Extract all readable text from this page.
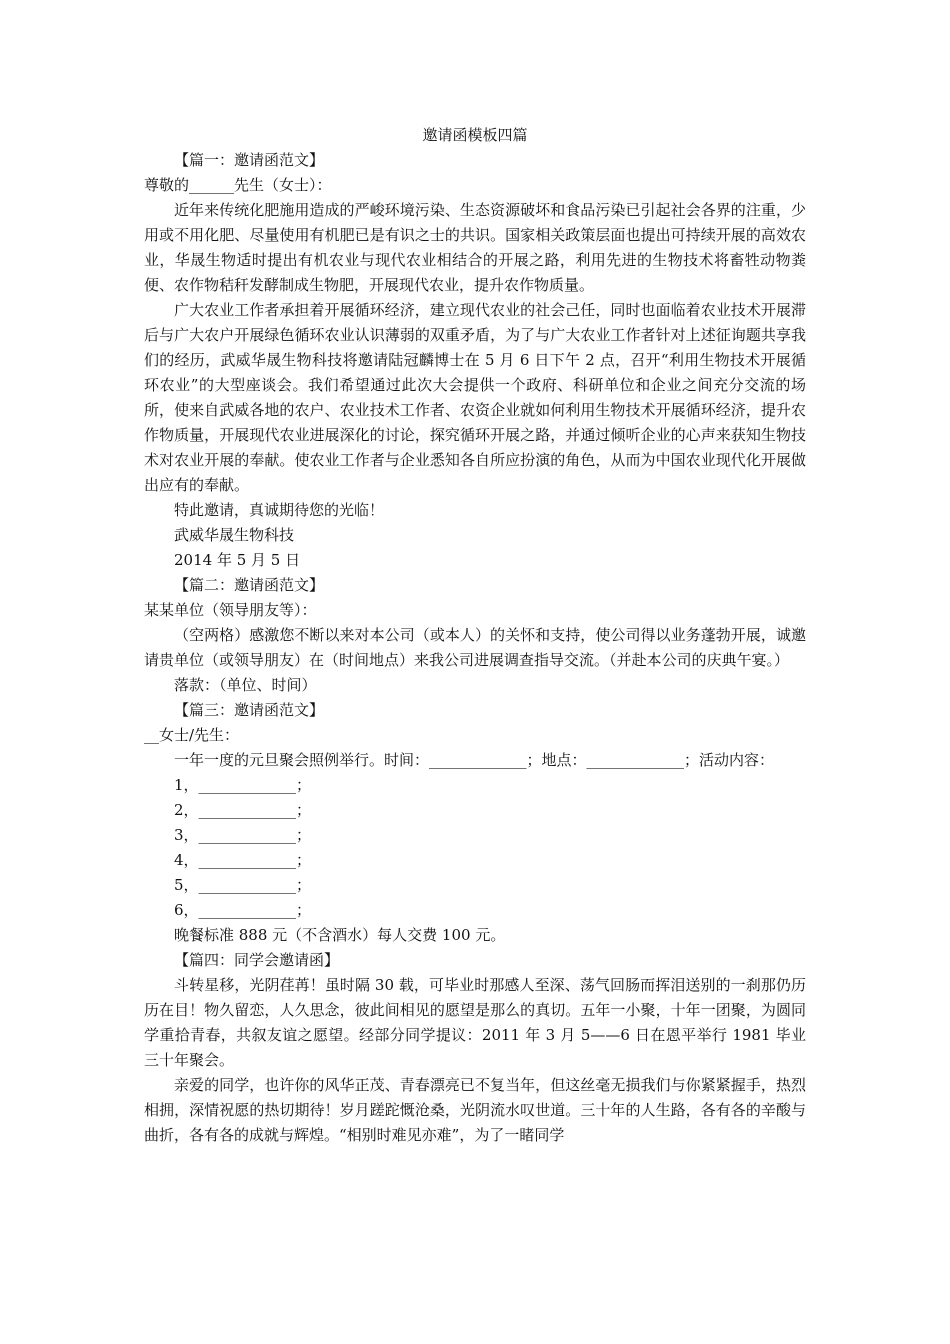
邀请函模板四篇

【篇一：邀请函范文】

尊敬的______先生（女士）：

近年来传统化肥施用造成的严峻环境污染、生态资源破坏和食品污染已引起社会各界的注重，少用或不用化肥、尽量使用有机肥已是有识之士的共识。国家相关政策层面也提出可持续开展的高效农业，华晟生物适时提出有机农业与现代农业相结合的开展之路，利用先进的生物技术将畜牲动物粪便、农作物秸秆发酵制成生物肥，开展现代农业，提升农作物质量。

广大农业工作者承担着开展循环经济，建立现代农业的社会己任，同时也面临着农业技术开展滞后与广大农户开展绿色循环农业认识薄弱的双重矛盾，为了与广大农业工作者针对上述征询题共享我们的经历，武威华晟生物科技将邀请陆冠麟博士在 5 月 6 日下午 2 点，召开“利用生物技术开展循环农业”的大型座谈会。我们希望通过此次大会提供一个政府、科研单位和企业之间充分交流的场所，使来自武威各地的农户、农业技术工作者、农资企业就如何利用生物技术开展循环经济，提升农作物质量，开展现代农业进展深化的讨论，探究循环开展之路，并通过倾听企业的心声来获知生物技术对农业开展的奉献。使农业工作者与企业悉知各自所应扮演的角色，从而为中国农业现代化开展做出应有的奉献。

特此邀请，真诚期待您的光临！

武威华晟生物科技

2014 年 5 月 5 日

【篇二：邀请函范文】

某某单位（领导朋友等）：

（空两格）感激您不断以来对本公司（或本人）的关怀和支持，使公司得以业务蓬勃开展，诚邀请贵单位（或领导朋友）在（时间地点）来我公司进展调查指导交流。（并赴本公司的庆典午宴。）

落款：（单位、时间）

【篇三：邀请函范文】

__女士/先生：

一年一度的元旦聚会照例举行。时间：_____________；地点：_____________；活动内容：

1，_____________；

2，_____________；

3，_____________；

4，_____________；

5，_____________；

6，_____________；

晚餐标准 888 元（不含酒水）每人交费 100 元。

【篇四：同学会邀请函】

斗转星移，光阴荏苒！虽时隔 30 载，可毕业时那感人至深、荡气回肠而挥泪送别的一刹那仍历历在目！物久留恋，人久思念，彼此间相见的愿望是那么的真切。五年一小聚，十年一团聚，为圆同学重拾青春，共叙友谊之愿望。经部分同学提议：2011 年 3 月 5——6 日在恩平举行 1981 毕业三十年聚会。

亲爱的同学，也许你的风华正茂、青春漂亮已不复当年，但这丝毫无损我们与你紧紧握手，热烈相拥，深情祝愿的热切期待！岁月蹉跎慨沧桑，光阴流水叹世道。三十年的人生路，各有各的辛酸与曲折，各有各的成就与辉煌。“相别时难见亦难”，为了一睹同学
